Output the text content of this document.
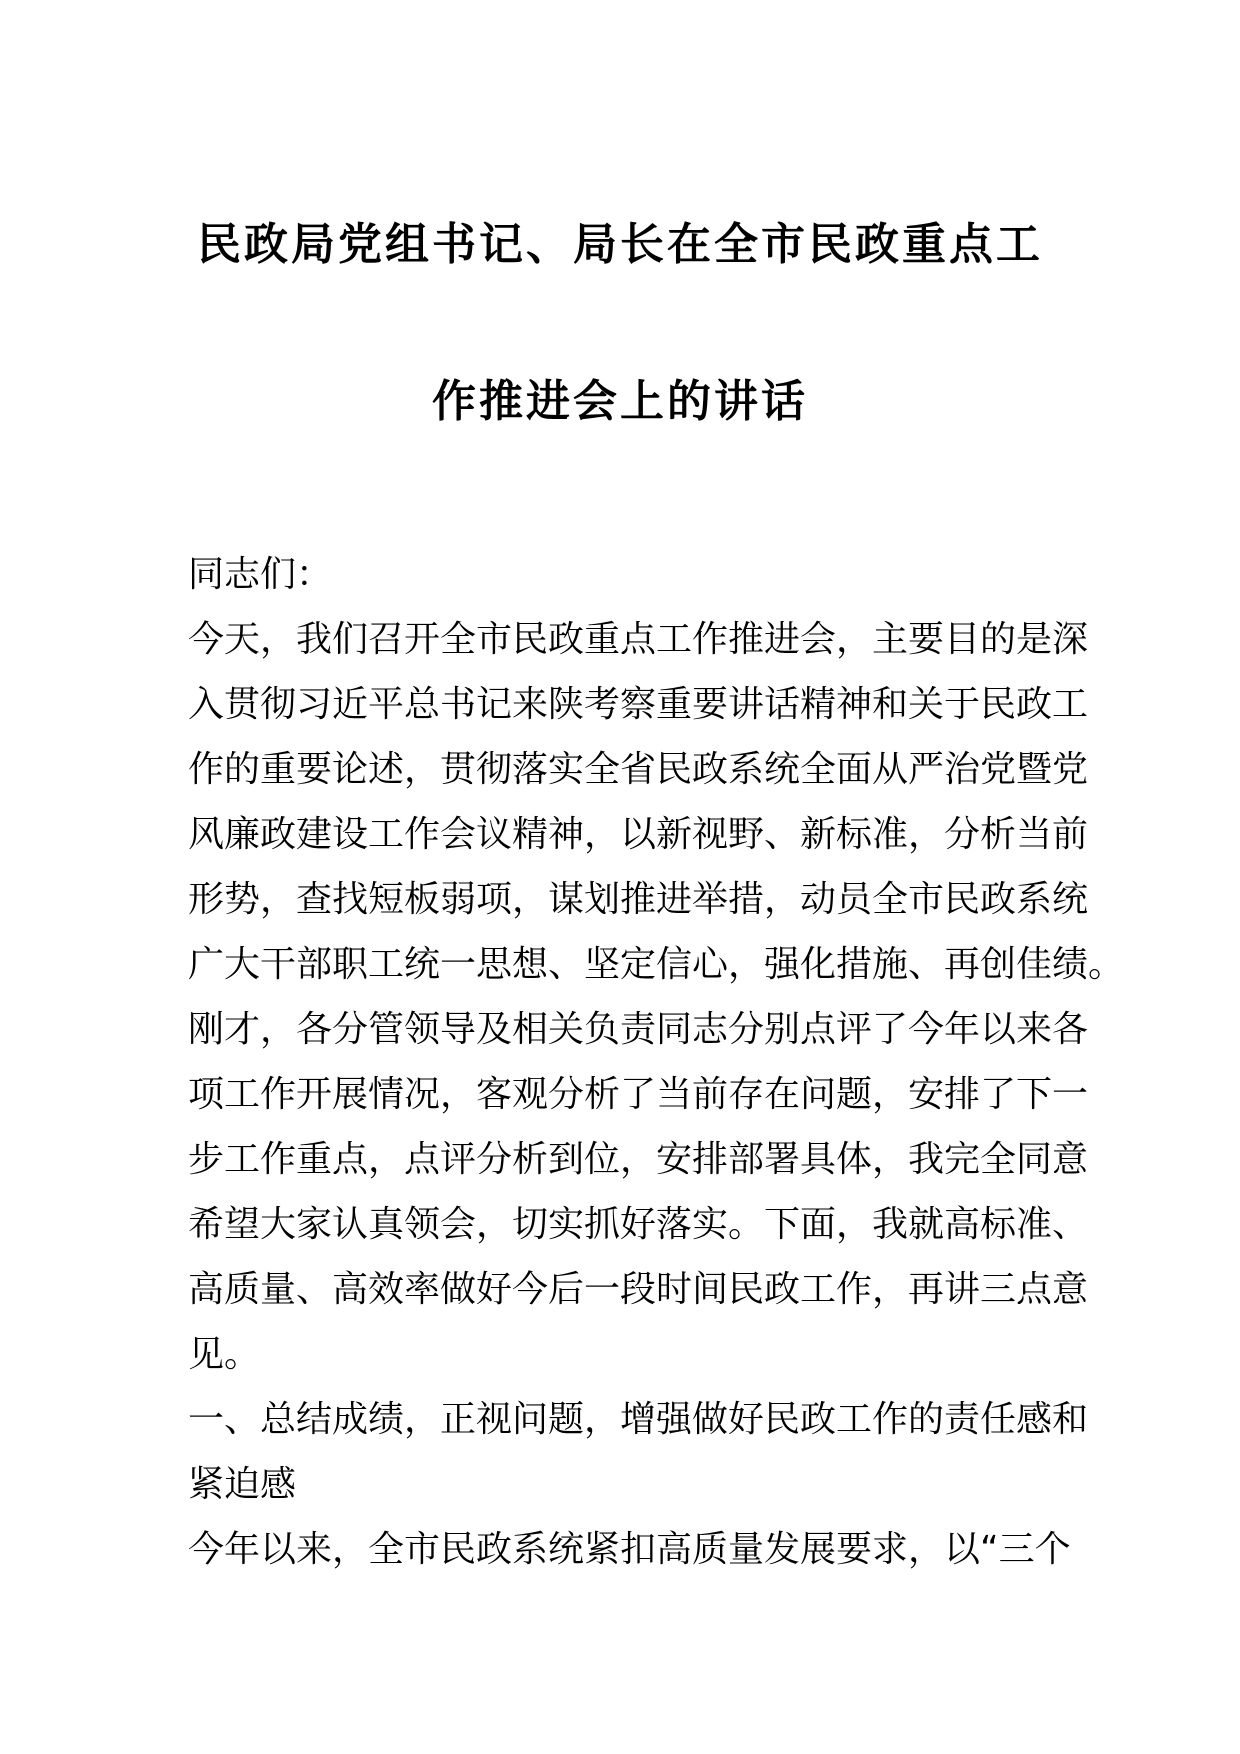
民政局党组书记、局长在全市民政重点工
作推进会上的讲话
同志们：
今天，我们召开全市民政重点工作推进会，主要目的是深
入贯彻习近平总书记来陕考察重要讲话精神和关于民政工
作的重要论述，贯彻落实全省民政系统全面从严治党暨党
风廉政建设工作会议精神，以新视野、新标准，分析当前
形势，查找短板弱项，谋划推进举措，动员全市民政系统
广大干部职工统一思想、坚定信心，强化措施、再创佳绩。
刚才，各分管领导及相关负责同志分别点评了今年以来各
项工作开展情况，客观分析了当前存在问题，安排了下一
步工作重点，点评分析到位，安排部署具体，我完全同意
希望大家认真领会，切实抓好落实。下面，我就高标准、
高质量、高效率做好今后一段时间民政工作，再讲三点意
见。
一、总结成绩，正视问题，增强做好民政工作的责任感和
紧迫感
今年以来，全市民政系统紧扣高质量发展要求，以“三个
